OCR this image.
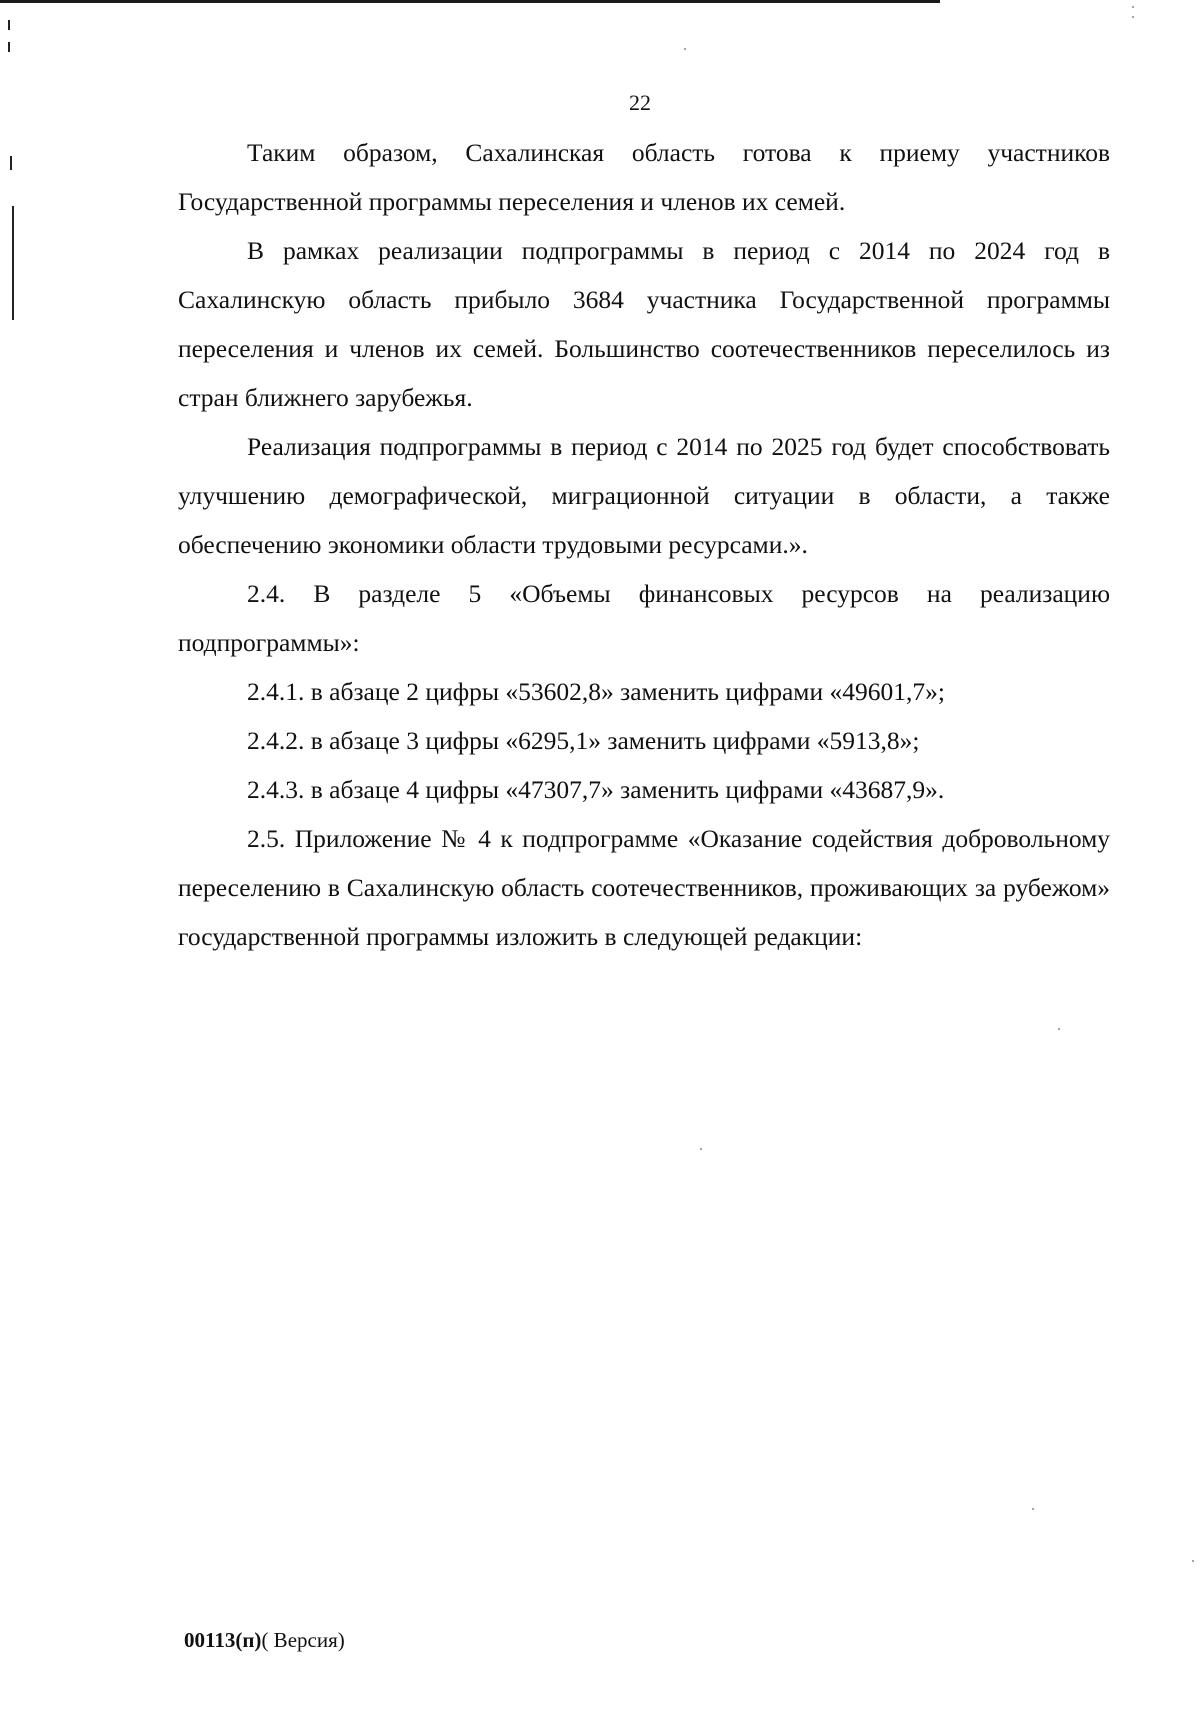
22

Таким образом, Сахалинская область готова к приему участников Государственной программы переселения и членов их семей.

В рамках реализации подпрограммы в период с 2014 по 2024 год в Сахалинскую область прибыло 3684 участника Государственной программы переселения и членов их семей. Большинство соотечественников переселилось из стран ближнего зарубежья.

Реализация подпрограммы в период с 2014 по 2025 год будет способствовать улучшению демографической, миграционной ситуации в области, а также обеспечению экономики области трудовыми ресурсами.».

2.4. В разделе 5 «Объемы финансовых ресурсов на реализацию подпрограммы»:

2.4.1. в абзаце 2 цифры «53602,8» заменить цифрами «49601,7»;

2.4.2. в абзаце 3 цифры «6295,1» заменить цифрами «5913,8»;

2.4.3. в абзаце 4 цифры «47307,7» заменить цифрами «43687,9».

2.5. Приложение № 4 к подпрограмме «Оказание содействия добровольному переселению в Сахалинскую область соотечественников, проживающих за рубежом» государственной программы изложить в следующей редакции:

00113(п)( Версия)
